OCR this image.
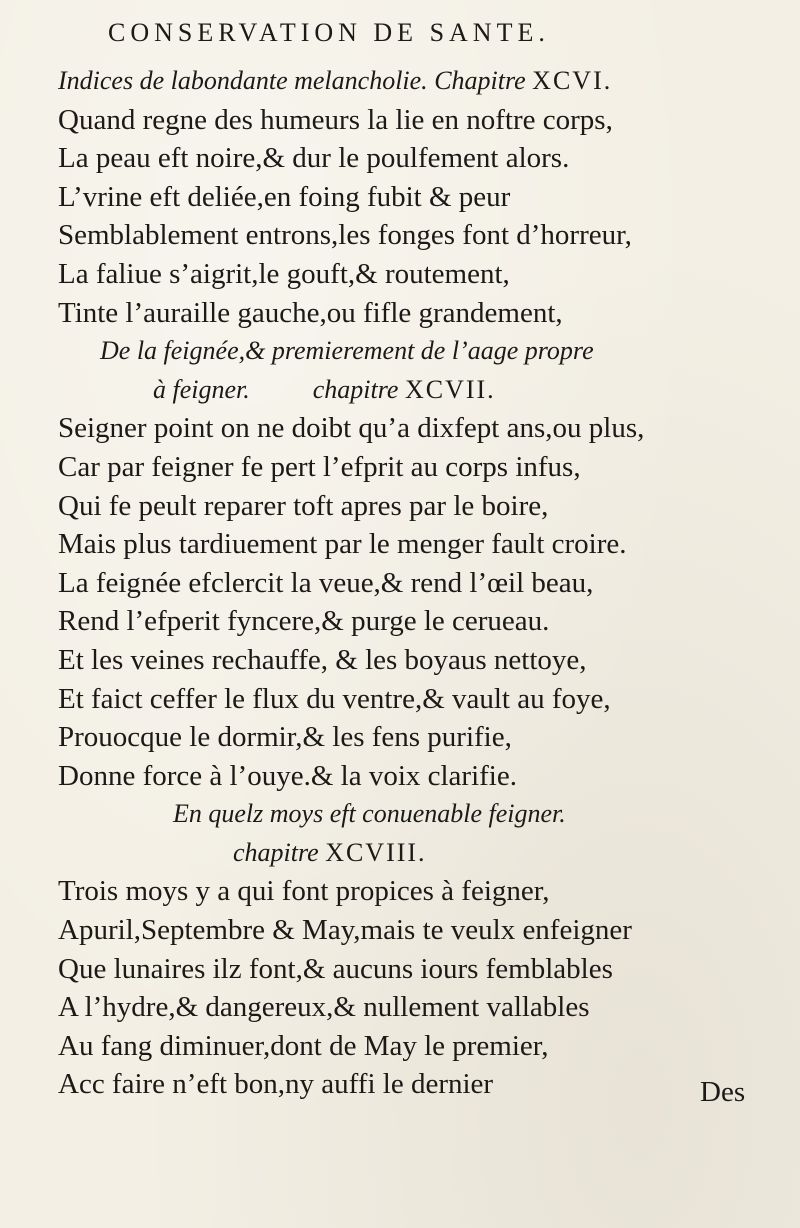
CONSERVATION DE SANTE.
Indices de labondante melancholie. Chapitre XCVI.
Quand regne des humeurs la lie en noftre corps,
La peau eft noire,& dur le poulfement alors.
L’vrine eft deliée,en foing fubit & peur
Semblablement entrons,les fonges font d’horreur,
La faliue s’aigrit,le gouft,& routement,
Tinte l’auraille gauche,ou fifle grandement,
De la feignée,& premierement de l’aage propre
à feigner. chapitre XCVII.
Seigner point on ne doibt qu’a dixfept ans,ou plus,
Car par feigner fe pert l’efprit au corps infus,
Qui fe peult reparer toft apres par le boire,
Mais plus tardiuement par le menger fault croire.
La feignée efclercit la veue,& rend l’œil beau,
Rend l’efperit fyncere,& purge le cerueau.
Et les veines rechauffe, & les boyaus nettoye,
Et faict ceffer le flux du ventre,& vault au foye,
Prouocque le dormir,& les fens purifie,
Donne force à l’ouye.& la voix clarifie.
En quelz moys eft conuenable feigner.
chapitre XCVIII.
Trois moys y a qui font propices à feigner,
Apuril,Septembre & May,mais te veulx enfeigner
Que lunaires ilz font,& aucuns iours femblables
A l’hydre,& dangereux,& nullement vallables
Au fang diminuer,dont de May le premier,
Acc faire n’eft bon,ny auffi le dernier	Des
